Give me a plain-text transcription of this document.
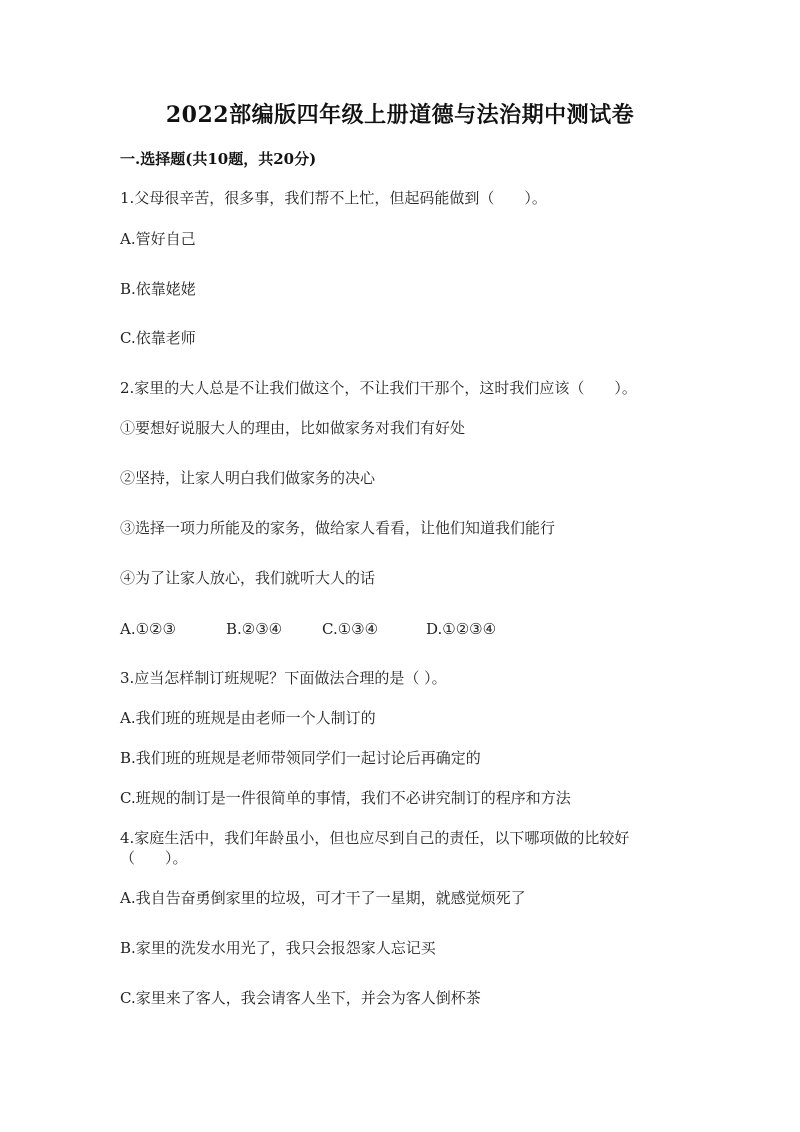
2022部编版四年级上册道德与法治期中测试卷
一.选择题(共10题，共20分)
1.父母很辛苦，很多事，我们帮不上忙，但起码能做到（　　）。
A.管好自己
B.依靠姥姥
C.依靠老师
2.家里的大人总是不让我们做这个，不让我们干那个，这时我们应该（　　）。
①要想好说服大人的理由，比如做家务对我们有好处
②坚持，让家人明白我们做家务的决心
③选择一项力所能及的家务，做给家人看看，让他们知道我们能行
④为了让家人放心，我们就听大人的话
A.①②③	B.②③④	C.①③④	D.①②③④
3.应当怎样制订班规呢？下面做法合理的是（ ）。
A.我们班的班规是由老师一个人制订的
B.我们班的班规是老师带领同学们一起讨论后再确定的
C.班规的制订是一件很简单的事情，我们不必讲究制订的程序和方法
4.家庭生活中，我们年龄虽小，但也应尽到自己的责任，以下哪项做的比较好（　　）。
A.我自告奋勇倒家里的垃圾，可才干了一星期，就感觉烦死了
B.家里的洗发水用光了，我只会报怨家人忘记买
C.家里来了客人，我会请客人坐下，并会为客人倒杯茶
